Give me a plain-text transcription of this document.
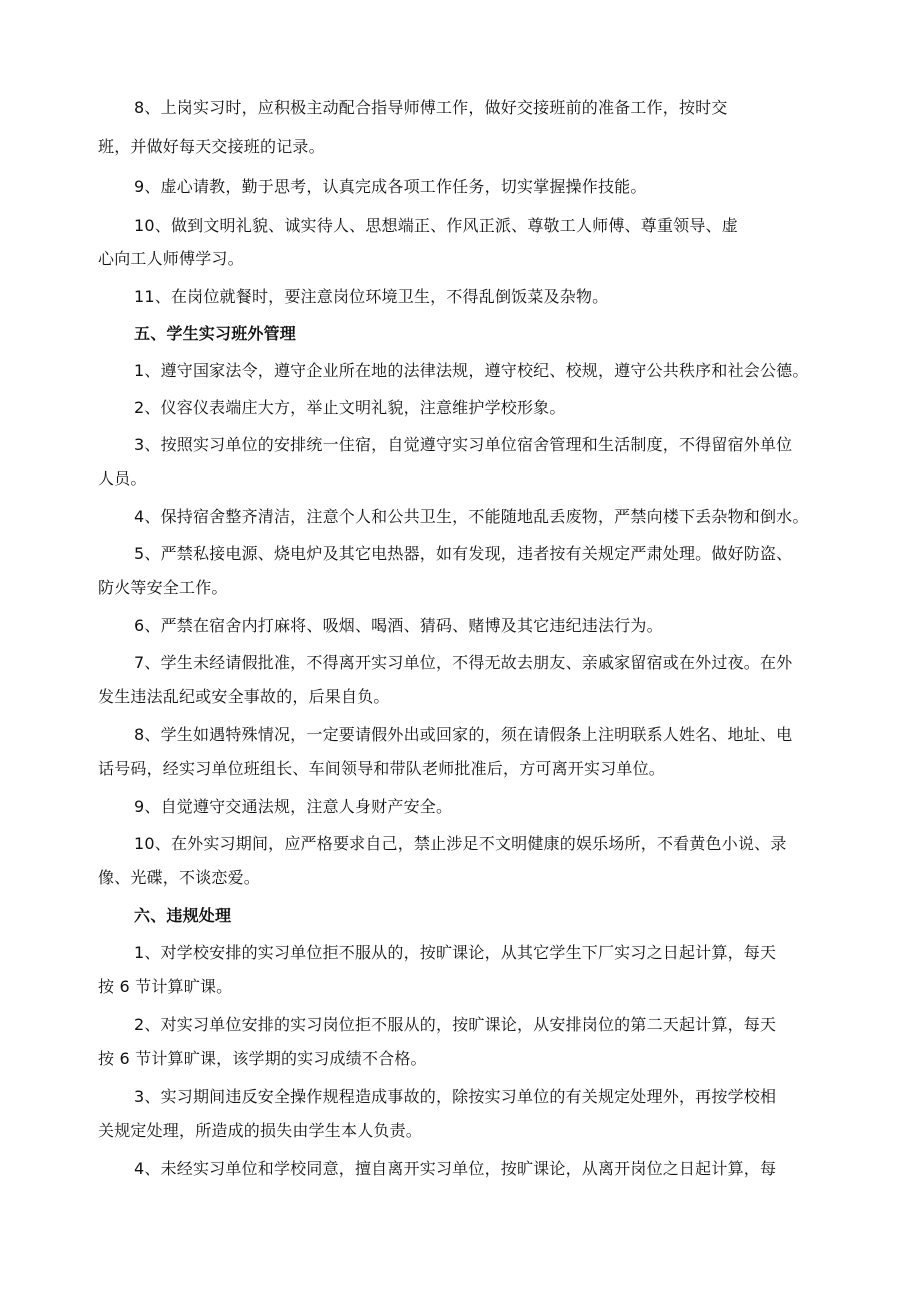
8、上岗实习时，应积极主动配合指导师傅工作，做好交接班前的准备工作，按时交

班，并做好每天交接班的记录。

9、虚心请教，勤于思考，认真完成各项工作任务，切实掌握操作技能。

10、做到文明礼貌、诚实待人、思想端正、作风正派、尊敬工人师傅、尊重领导、虚

心向工人师傅学习。

11、在岗位就餐时，要注意岗位环境卫生，不得乱倒饭菜及杂物。

五、学生实习班外管理

1、遵守国家法令，遵守企业所在地的法律法规，遵守校纪、校规，遵守公共秩序和社会公德。

2、仪容仪表端庄大方，举止文明礼貌，注意维护学校形象。

3、按照实习单位的安排统一住宿，自觉遵守实习单位宿舍管理和生活制度，不得留宿外单位

人员。

4、保持宿舍整齐清洁，注意个人和公共卫生，不能随地乱丢废物，严禁向楼下丢杂物和倒水。

5、严禁私接电源、烧电炉及其它电热器，如有发现，违者按有关规定严肃处理。做好防盗、

防火等安全工作。

6、严禁在宿舍内打麻将、吸烟、喝酒、猜码、赌博及其它违纪违法行为。

7、学生未经请假批准，不得离开实习单位，不得无故去朋友、亲戚家留宿或在外过夜。在外

发生违法乱纪或安全事故的，后果自负。

8、学生如遇特殊情况，一定要请假外出或回家的，须在请假条上注明联系人姓名、地址、电

话号码，经实习单位班组长、车间领导和带队老师批准后，方可离开实习单位。

9、自觉遵守交通法规，注意人身财产安全。

10、在外实习期间，应严格要求自己，禁止涉足不文明健康的娱乐场所，不看黄色小说、录

像、光碟，不谈恋爱。

六、违规处理

1、对学校安排的实习单位拒不服从的，按旷课论，从其它学生下厂实习之日起计算，每天

按 6 节计算旷课。

2、对实习单位安排的实习岗位拒不服从的，按旷课论，从安排岗位的第二天起计算，每天

按 6 节计算旷课，该学期的实习成绩不合格。

3、实习期间违反安全操作规程造成事故的，除按实习单位的有关规定处理外，再按学校相

关规定处理，所造成的损失由学生本人负责。

4、未经实习单位和学校同意，擅自离开实习单位，按旷课论，从离开岗位之日起计算，每
